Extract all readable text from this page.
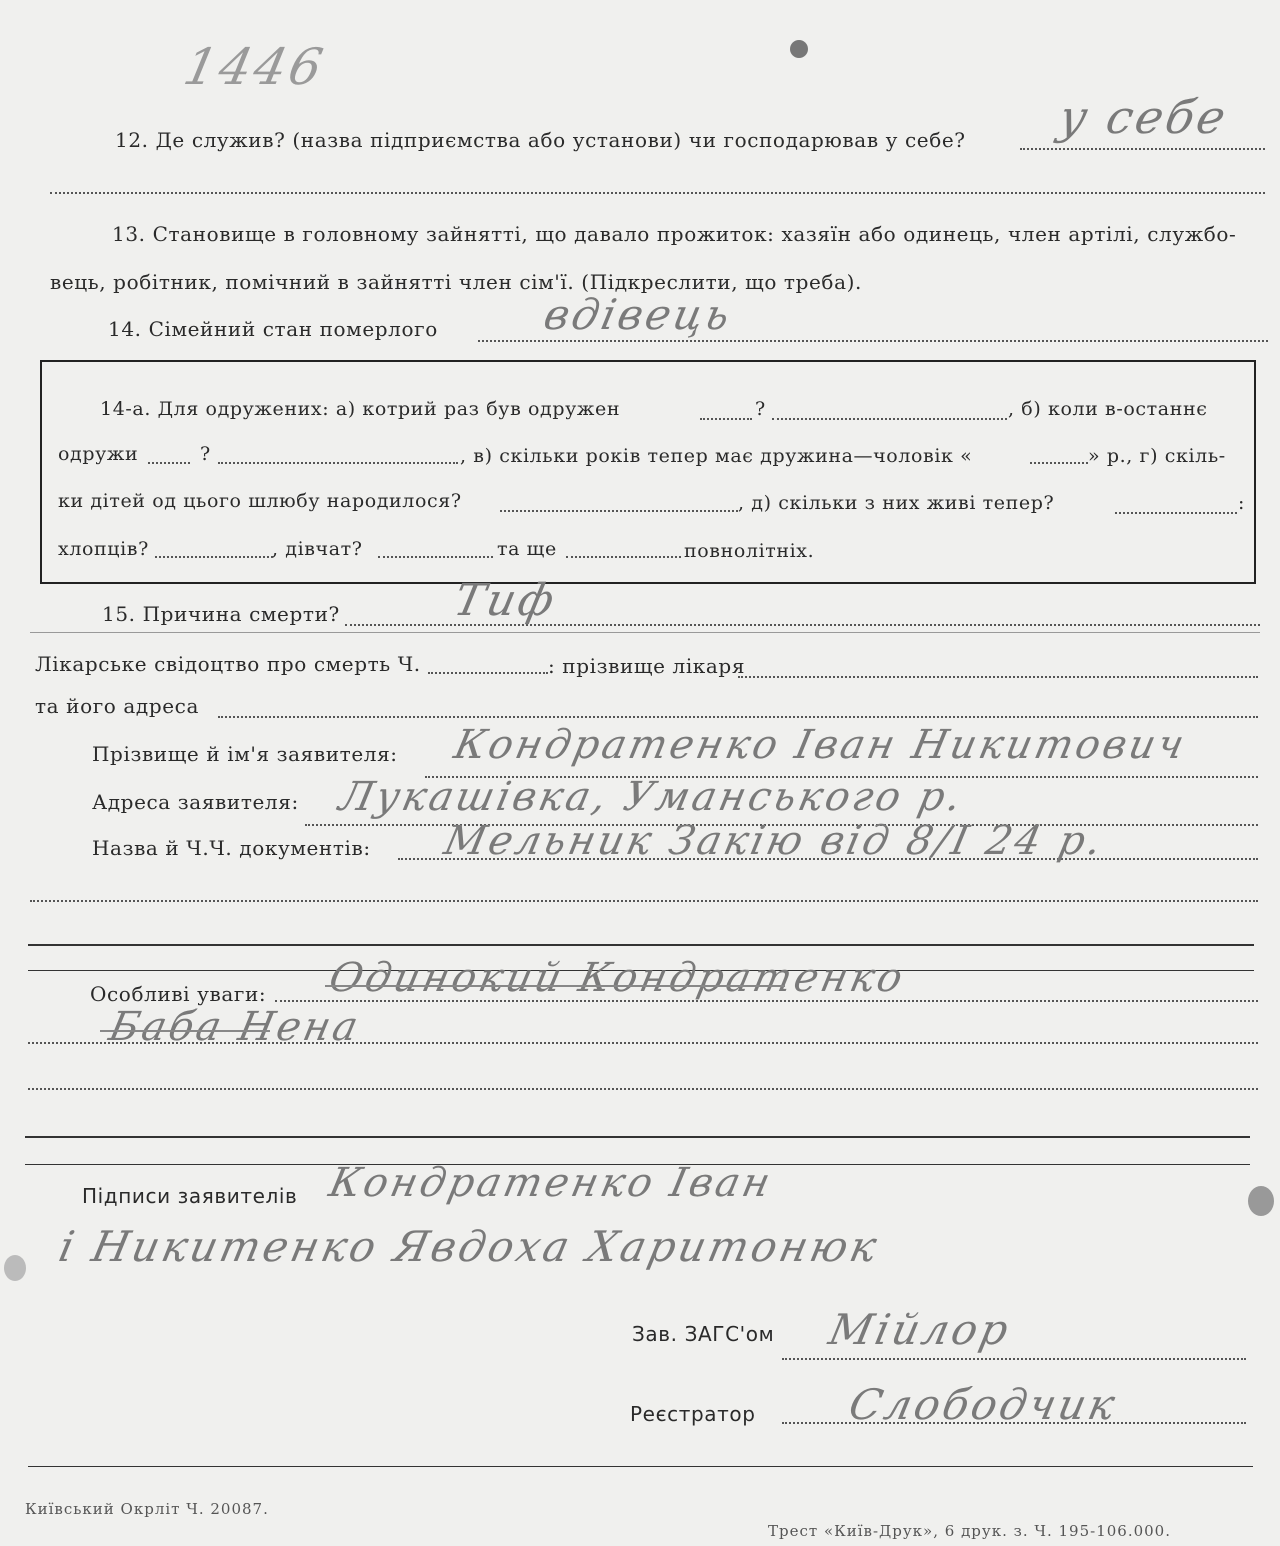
1446
12. Де служив? (назва підприємства або установи) чи господарював у себе? у себе
13. Становище в головному зайнятті, що давало прожиток: хазяїн або одинець, член артілі, службо-
вець, робітник, помічний в зайнятті член сім'ї. (Підкреслити, що треба).
14. Сімейний стан померлого вдівець
14-а. Для одружених: а) котрий раз був одружен	?	, б) коли в-останнє
одружи	?	, в) скільки років тепер має дружина—чоловік «	» р., г) скіль-
ки дітей од цього шлюбу народилося?	, д) скільки з них живі тепер?	:
хлопців?	, дівчат?	та ще	повнолітніх.
15. Причина смерти? Тиф
Лікарське свідоцтво про смерть Ч.	: прізвище лікаря
та його адреса
Прізвище й ім'я заявителя: Кондратенко Іван Никитович
Адреса заявителя: Лукашівка, Уманського р.
Назва й Ч.Ч. документів: Мельник Закію від 8/I 24 р.
Особливі уваги: Одинокий Кондратенко
Баба Нена
Підписи заявителів Кондратенко Іван
і Никитенко Явдоха Харитонюк
Зав. ЗАГС'ом Мійлор
Реєстратор Слободчик
Київський Окрліт Ч. 20087.
Трест «Київ-Друк», 6 друк. з. Ч. 195-106.000.
